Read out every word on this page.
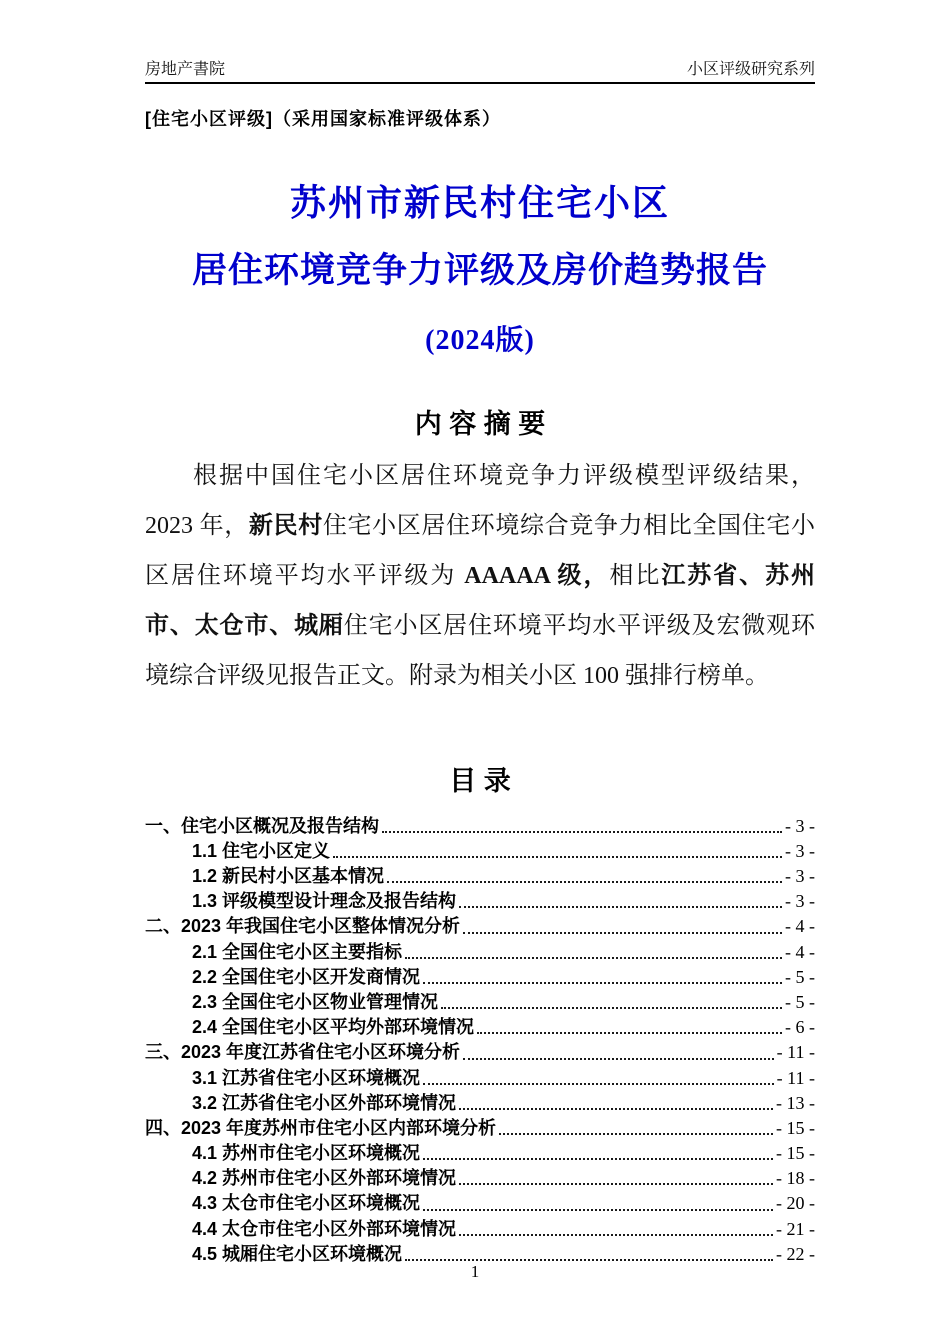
房地产書院	小区评级研究系列
[住宅小区评级]（采用国家标准评级体系）
苏州市新民村住宅小区
居住环境竞争力评级及房价趋势报告
(2024版)
内 容 摘 要

根据中国住宅小区居住环境竞争力评级模型评级结果，2023 年，新民村住宅小区居住环境综合竞争力相比全国住宅小区居住环境平均水平评级为 AAAAA 级，相比江苏省、苏州市、太仓市、城厢住宅小区居住环境平均水平评级及宏微观环境综合评级见报告正文。附录为相关小区 100 强排行榜单。

目 录
一、住宅小区概况及报告结构	- 3 -
1.1 住宅小区定义	- 3 -
1.2 新民村小区基本情况	- 3 -
1.3 评级模型设计理念及报告结构	- 3 -
二、2023 年我国住宅小区整体情况分析	- 4 -
2.1 全国住宅小区主要指标	- 4 -
2.2 全国住宅小区开发商情况	- 5 -
2.3 全国住宅小区物业管理情况	- 5 -
2.4 全国住宅小区平均外部环境情况	- 6 -
三、2023 年度江苏省住宅小区环境分析	- 11 -
3.1 江苏省住宅小区环境概况	- 11 -
3.2 江苏省住宅小区外部环境情况	- 13 -
四、2023 年度苏州市住宅小区内部环境分析	- 15 -
4.1 苏州市住宅小区环境概况	- 15 -
4.2 苏州市住宅小区外部环境情况	- 18 -
4.3 太仓市住宅小区环境概况	- 20 -
4.4 太仓市住宅小区外部环境情况	- 21 -
4.5 城厢住宅小区环境概况	- 22 -
1
